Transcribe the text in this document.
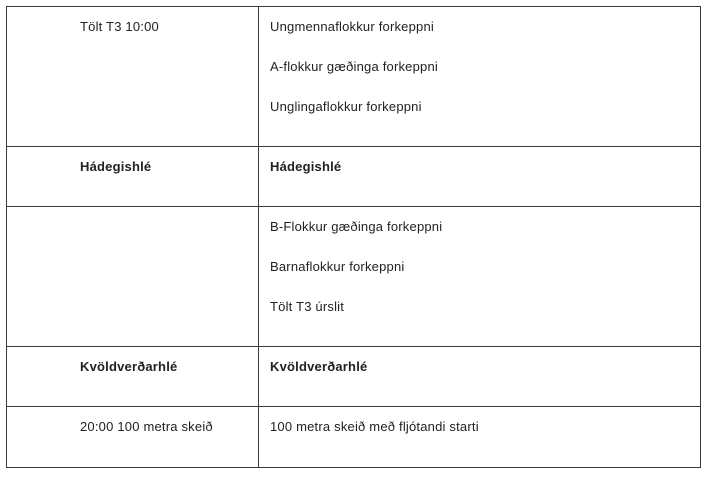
Tölt T3 10:00	Ungmennaflokkur forkeppni
A-flokkur gæðinga forkeppni
Unglingaflokkur forkeppni

Hádegishlé	Hádegishlé

	B-Flokkur gæðinga forkeppni
Barnaflokkur forkeppni
Tölt T3 úrslit

Kvöldverðarhlé	Kvöldverðarhlé

20:00 100 metra skeið	100 metra skeið með fljótandi starti
